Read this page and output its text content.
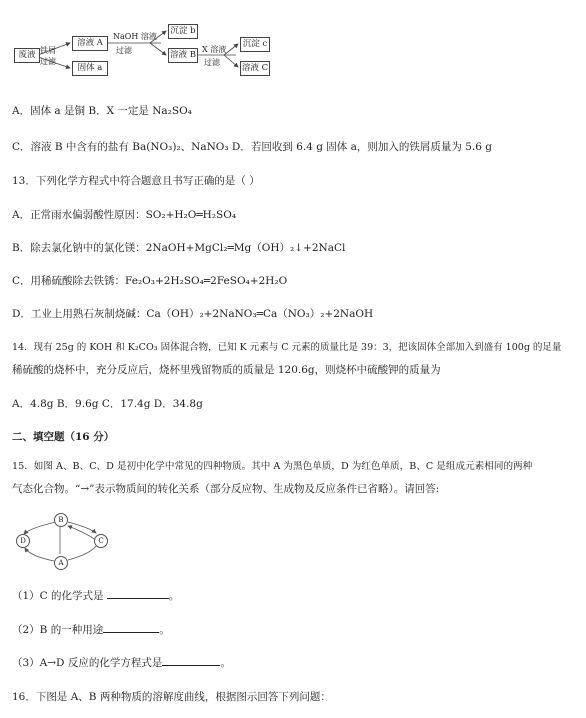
废液 铁屑
过滤
溶液 A
固体 a
NaOH 溶液
过滤
沉淀 b
溶液 B
X 溶液
过滤
沉淀 c
溶液 C
A．固体 a 是铜 B．X 一定是 Na₂SO₄
C．溶液 B 中含有的盐有 Ba(NO₃)₂、NaNO₃ D．若回收到 6.4 g 固体 a，则加入的铁屑质量为 5.6 g
13．下列化学方程式中符合题意且书写正确的是（ ）
A．正常雨水偏弱酸性原因：SO₂+H₂O═H₂SO₄
B．除去氯化钠中的氯化镁：2NaOH+MgCl₂═Mg（OH）₂↓+2NaCl
C．用稀硫酸除去铁锈：Fe₂O₃+2H₂SO₄═2FeSO₄+2H₂O
D．工业上用熟石灰制烧碱：Ca（OH）₂+2NaNO₃═Ca（NO₃）₂+2NaOH
14．现有 25g 的 KOH 和 K₂CO₃ 固体混合物，已知 K 元素与 C 元素的质量比是 39：3，把该固体全部加入到盛有 100g 的足量
稀硫酸的烧杯中，充分反应后，烧杯里残留物质的质量是 120.6g，则烧杯中硫酸钾的质量为
A．4.8g B．9.6g C．17.4g D．34.8g
二、填空题（16 分）
15．如图 A、B、C、D 是初中化学中常见的四种物质。其中 A 为黑色单质，D 为红色单质，B、C 是组成元素相同的两种
气态化合物。“→”表示物质间的转化关系（部分反应物、生成物及反应条件已省略）。请回答:
B
D	C
A
（1）C 的化学式是	。
（2）B 的一种用途	。
（3）A→D 反应的化学方程式是	。
16．下图是 A、B 两种物质的溶解度曲线，根据图示回答下列问题：
